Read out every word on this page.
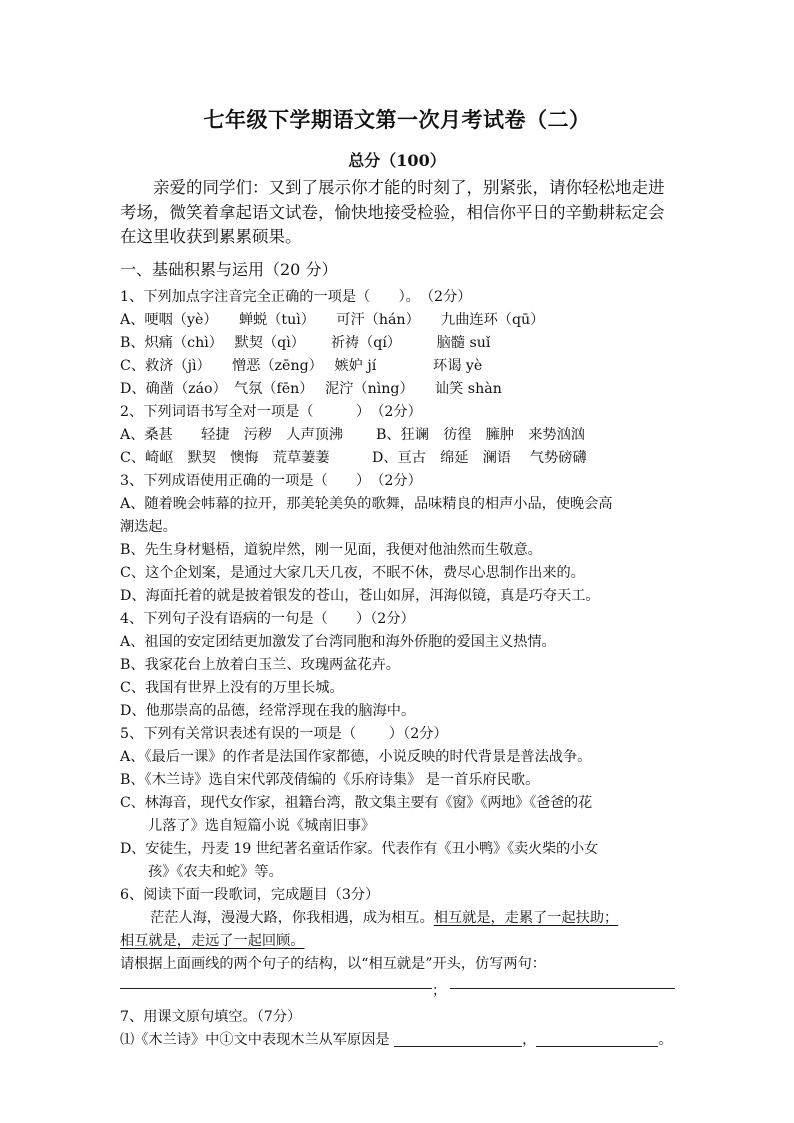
七年级下学期语文第一次月考试卷（二）
总分（100）
亲爱的同学们：又到了展示你才能的时刻了，别紧张，请你轻松地走进考场，微笑着拿起语文试卷，愉快地接受检验，相信你平日的辛勤耕耘定会在这里收获到累累硕果。
一、基础积累与运用（20 分）
1、下列加点字注音完全正确的一项是（　　）。　（2分）
A、哽咽（yè）　　蝉蜕（tuì）　　可汗（hán）　　九曲连环（qū）
B、炽痛（chì）　 默契（qì）　　 祈祷（qí）　　　脑髓 suǐ
C、救济（jì）　　憎恶（zēng）　 嫉妒 jí　　　　环谒 yè
D、确凿（záo）　气氛（fēn）　 泥泞（nìng）　　讪笑 shàn
2、下列词语书写全对一项是（　　　）　（2分）
A、桑甚　　轻捷　污秽　人声顶沸　　 B、狂谰　彷徨　臃肿　来势汹汹
C、崎岖　默契　懊悔　荒草萋萋　　　D、亘古　绵延　澜语　 气势磅礴
3、下列成语使用正确的一项是（　　）　（2分）
A、随着晚会帏幕的拉开，那美轮美奂的歌舞，品味精良的相声小品，使晚会高
潮迭起。
B、先生身材魁梧，道貌岸然，刚一见面，我便对他油然而生敬意。
C、这个企划案，是通过大家几天几夜，不眠不休，费尽心思制作出来的。
D、海面托着的就是披着银发的苍山，苍山如屏，洱海似镜，真是巧夺天工。
4、下列句子没有语病的一句是（　　）（2分）
A、祖国的安定团结更加激发了台湾同胞和海外侨胞的爱国主义热情。
B、我家花台上放着白玉兰、玫瑰两盆花卉。
C、我国有世界上没有的万里长城。
D、他那崇高的品德，经常浮现在我的脑海中。
5、下列有关常识表述有误的一项是（　　 ）（2分）
A、《最后一课》的作者是法国作家都德，小说反映的时代背景是普法战争。
B、《木兰诗》选自宋代郭茂倩编的《乐府诗集》 是一首乐府民歌。
C、林海音，现代女作家，祖籍台湾，散文集主要有《窗》《两地》《爸爸的花
儿落了》选自短篇小说《城南旧事》
D、安徒生，丹麦 19 世纪著名童话作家。代表作有《丑小鸭》《卖火柴的小女
孩》《农夫和蛇》等。
6、阅读下面一段歌词，完成题目（3分）
茫茫人海，漫漫大路，你我相遇，成为相互。相互就是，走累了一起扶助；
相互就是，走远了一起回顾。
请根据上面画线的两个句子的结构，以“相互就是”开头，仿写两句：
；
7、用课文原句填空。（7分）
⑴《木兰诗》中①文中表现木兰从军原因是	，	。
